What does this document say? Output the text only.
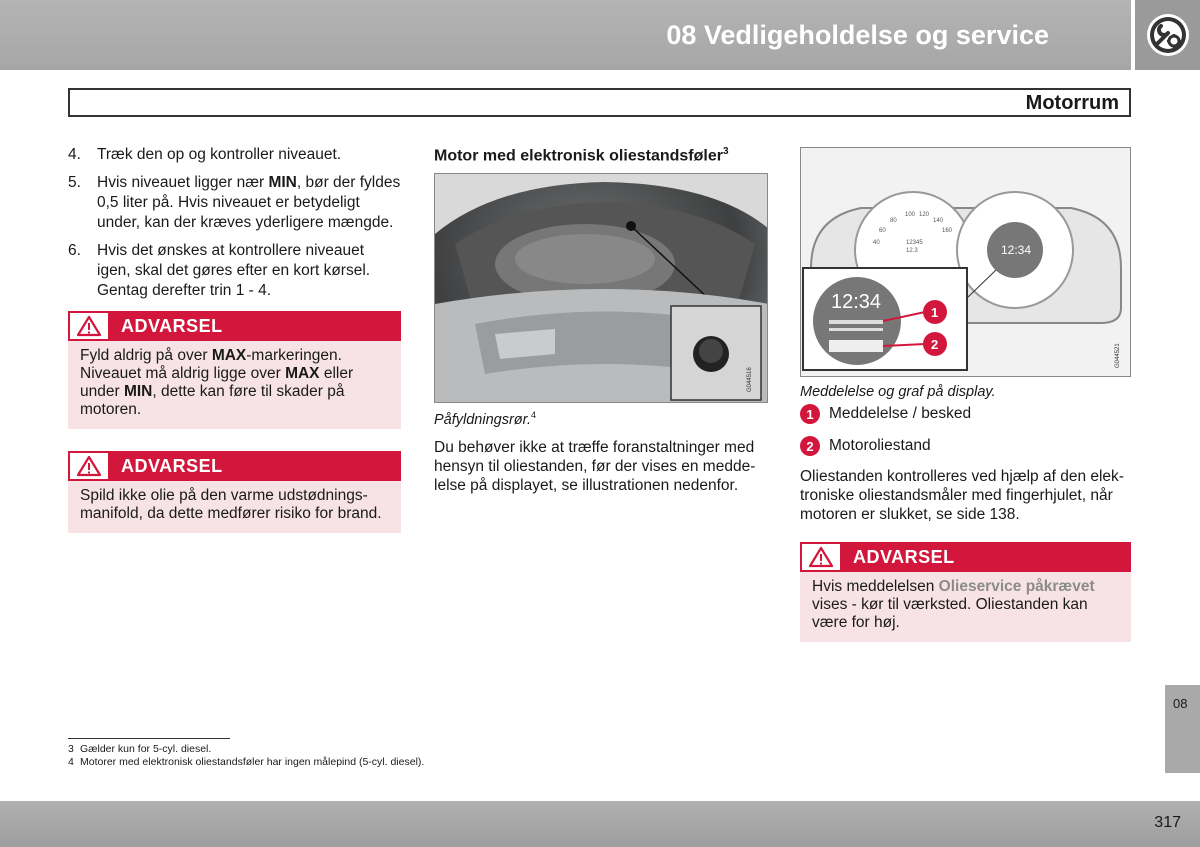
08 Vedligeholdelse og service
Motorrum
4.	Træk den op og kontroller niveauet.
5.	Hvis niveauet ligger nær MIN, bør der fyldes 0,5 liter på. Hvis niveauet er betydeligt under, kan der kræves yderligere mængde.
6.	Hvis det ønskes at kontrollere niveauet igen, skal det gøres efter en kort kørsel. Gentag derefter trin 1 - 4.
ADVARSEL
Fyld aldrig på over MAX-markeringen. Niveauet må aldrig ligge over MAX eller under MIN, dette kan føre til skader på motoren.
ADVARSEL
Spild ikke olie på den varme udstødningsmanifold, da dette medfører risiko for brand.
Motor med elektronisk oliestandsføler$^3$
G044516
Påfyldningsrør.$^4$
Du behøver ikke at træffe foranstaltninger med hensyn til oliestanden, før der vises en meddelelse på displayet, se illustrationen nedenfor.
12:34
12345
12.3
40
60
80
100 120
140
160
12:34	1
2	G044521
Meddelelse og graf på display.
1 Meddelelse / besked
2 Motoroliestand
Oliestanden kontrolleres ved hjælp af den elektroniske oliestandsmåler med fingerhjulet, når motoren er slukket, se side 138.
ADVARSEL
Hvis meddelelsen Olieservice påkrævet vises - kør til værksted. Oliestanden kan være for høj.
3 Gælder kun for 5-cyl. diesel.
4 Motorer med elektronisk oliestandsføler har ingen målepind (5-cyl. diesel).
08
317
